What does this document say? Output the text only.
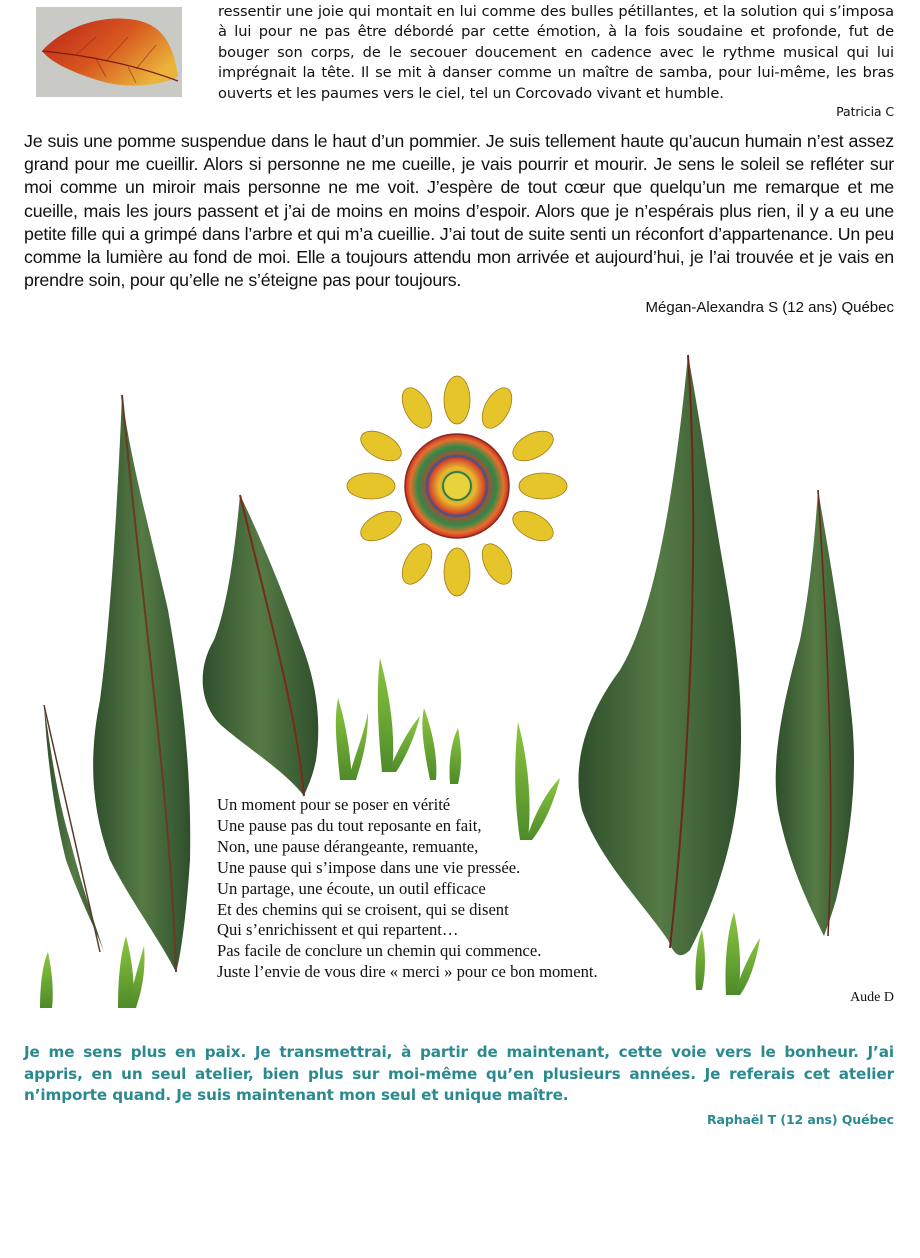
ressentir une joie qui montait en lui comme des bulles pétillantes, et la solution qui s’imposa à lui pour ne pas être débordé par cette émotion, à la fois soudaine et profonde, fut de bouger son corps, de le secouer doucement en cadence avec le rythme musical qui lui imprégnait la tête. Il se mit à danser comme un maître de samba, pour lui-même, les bras ouverts et les paumes vers le ciel, tel un Corcovado vivant et humble.
Patricia C
Je suis une pomme suspendue dans le haut d’un pommier. Je suis tellement haute qu’aucun humain n’est assez grand pour me cueillir. Alors si personne ne me cueille, je vais pourrir et mourir. Je sens le soleil se refléter sur moi comme un miroir mais personne ne me voit. J’espère de tout cœur que quelqu’un me remarque et me cueille, mais les jours passent et j’ai de moins en moins d’espoir. Alors que je n’espérais plus rien, il y a eu une petite fille qui a grimpé dans l’arbre et qui m’a cueillie. J’ai tout de suite senti un réconfort d’appartenance. Un peu comme la lumière au fond de moi. Elle a toujours attendu mon arrivée et aujourd’hui, je l’ai trouvée et je vais en prendre soin, pour qu’elle ne s’éteigne pas pour toujours.
Mégan-Alexandra S (12 ans) Québec
Un moment pour se poser en vérité
Une pause pas du tout reposante en fait,
Non, une pause dérangeante, remuante,
Une pause qui s’impose dans une vie pressée.
Un partage, une écoute, un outil efficace
Et des chemins qui se croisent, qui se disent
Qui s’enrichissent et qui repartent…
Pas facile de conclure un chemin qui commence.
Juste l’envie de vous dire « merci » pour ce bon moment.
Aude D
Je me sens plus en paix. Je transmettrai, à partir de maintenant, cette voie vers le bonheur. J’ai appris, en un seul atelier, bien plus sur moi-même qu’en plusieurs années. Je referais cet atelier n’importe quand. Je suis maintenant mon seul et unique maître.
Raphaël T (12 ans) Québec
